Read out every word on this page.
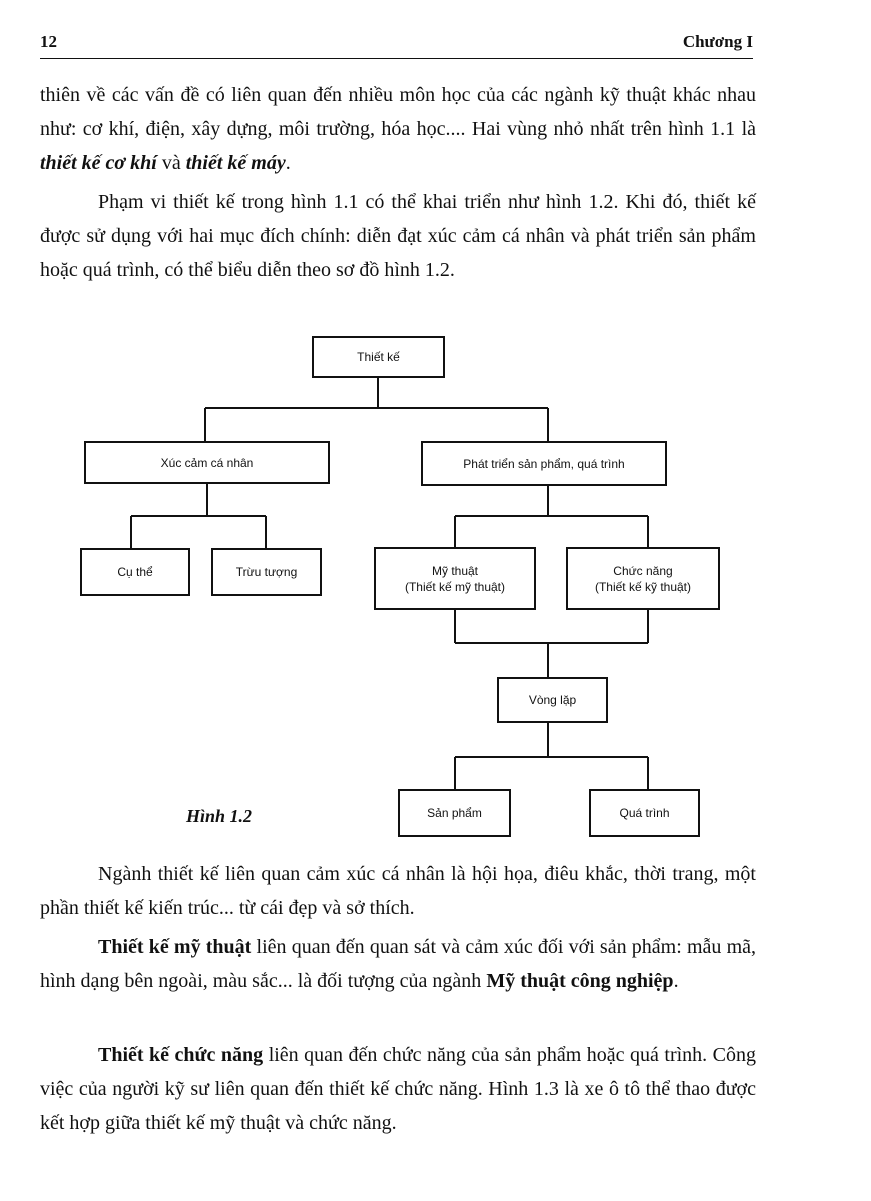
12	Chương I

thiên về các vấn đề có liên quan đến nhiều môn học của các ngành kỹ thuật khác nhau như: cơ khí, điện, xây dựng, môi trường, hóa học.... Hai vùng nhỏ nhất trên hình 1.1 là thiết kế cơ khí và thiết kế máy.

Phạm vi thiết kế trong hình 1.1 có thể khai triển như hình 1.2. Khi đó, thiết kế được sử dụng với hai mục đích chính: diễn đạt xúc cảm cá nhân và phát triển sản phẩm hoặc quá trình, có thể biểu diễn theo sơ đồ hình 1.2.

Thiết kế
Xúc cảm cá nhân	Phát triển sản phẩm, quá trình
Cụ thể	Trừu tượng	Mỹ thuật
(Thiết kế mỹ thuật)
Chức năng
(Thiết kế kỹ thuật)
Vòng lặp
Sản phẩm	Quá trình
Hình 1.2

Ngành thiết kế liên quan cảm xúc cá nhân là hội họa, điêu khắc, thời trang, một phần thiết kế kiến trúc... từ cái đẹp và sở thích.

Thiết kế mỹ thuật liên quan đến quan sát và cảm xúc đối với sản phẩm: mẫu mã, hình dạng bên ngoài, màu sắc... là đối tượng của ngành Mỹ thuật công nghiệp.

Thiết kế chức năng liên quan đến chức năng của sản phẩm hoặc quá trình. Công việc của người kỹ sư liên quan đến thiết kế chức năng. Hình 1.3 là xe ô tô thể thao được kết hợp giữa thiết kế mỹ thuật và chức năng.
